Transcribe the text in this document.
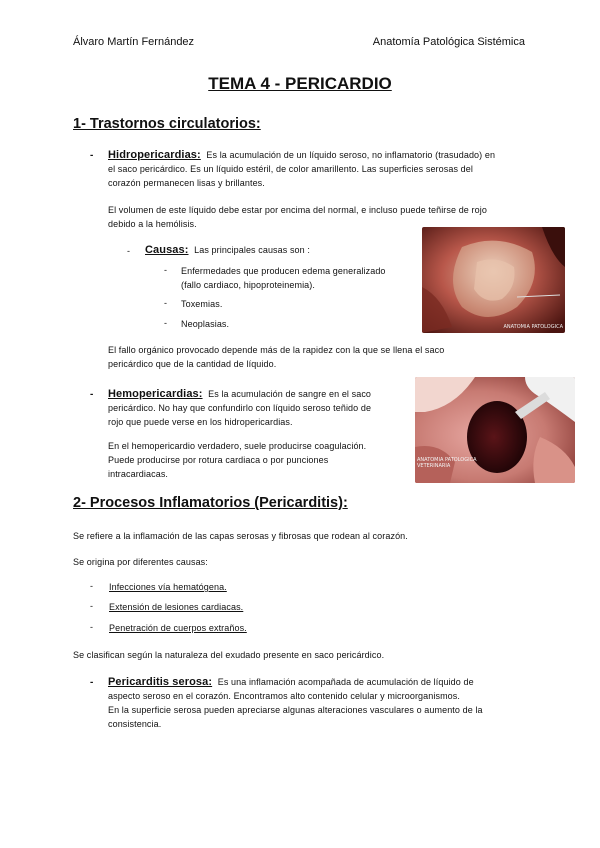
Álvaro Martín Fernández	Anatomía Patológica Sistémica
TEMA 4 - PERICARDIO
1- Trastornos circulatorios:
- Hidropericardias: Es la acumulación de un líquido seroso, no inflamatorio (trasudado) en
el saco pericárdico. Es un líquido estéril, de color amarillento. Las superficies serosas del
corazón permanecen lisas y brillantes.
El volumen de este líquido debe estar por encima del normal, e incluso puede teñirse de rojo
debido a la hemólisis.
- Causas: Las principales causas son :
- Enfermedades que producen edema generalizado
(fallo cardiaco, hipoproteinemia).
- Toxemias.
- Neoplasias.	ANATOMIA PATOLOGICA
El fallo orgánico provocado depende más de la rapidez con la que se llena el saco
pericárdico que de la cantidad de líquido.
- Hemopericardias: Es la acumulación de sangre en el saco
pericárdico. No hay que confundirlo con líquido seroso teñido de
rojo que puede verse en los hidropericardias.
En el hemopericardio verdadero, suele producirse coagulación.
Puede producirse por rotura cardiaca o por punciones
intracardiacas.
ANATOMIA PATOLOGICA VETERINARIA
2- Procesos Inflamatorios (Pericarditis):
Se refiere a la inflamación de las capas serosas y fibrosas que rodean al corazón.
Se origina por diferentes causas:
- Infecciones vía hematógena.
- Extensión de lesiones cardiacas.
- Penetración de cuerpos extraños.
Se clasifican según la naturaleza del exudado presente en saco pericárdico.
- Pericarditis serosa: Es una inflamación acompañada de acumulación de líquido de
aspecto seroso en el corazón. Encontramos alto contenido celular y microorganismos.
En la superficie serosa pueden apreciarse algunas alteraciones vasculares o aumento de la
consistencia.
